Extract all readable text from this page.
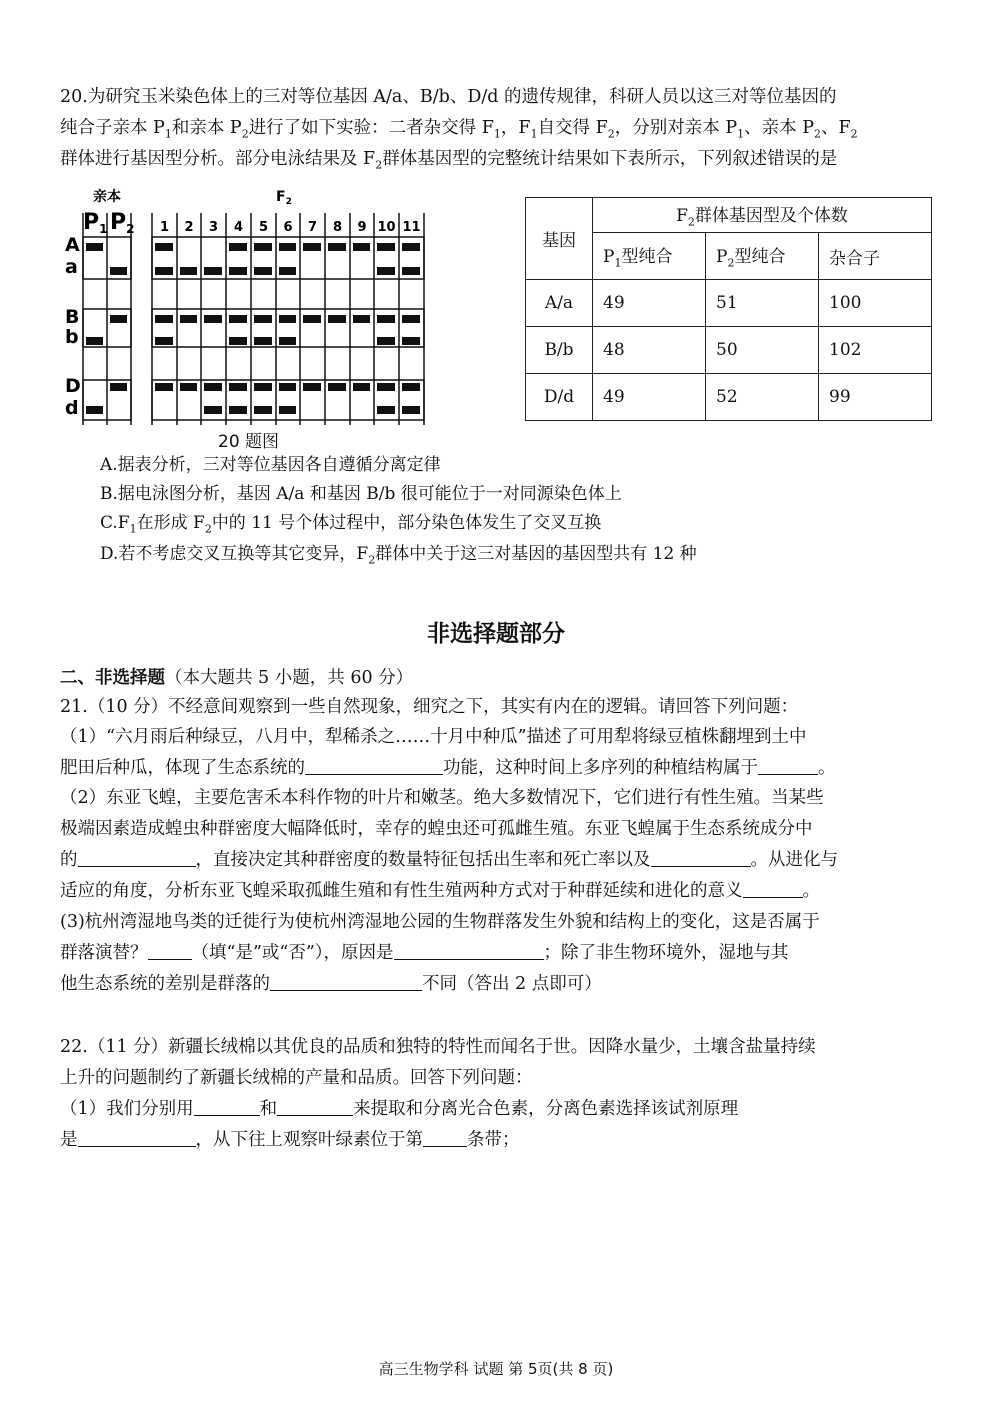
20.为研究玉米染色体上的三对等位基因 A/a、B/b、D/d 的遗传规律，科研人员以这三对等位基因的
纯合子亲本 $P_1$和亲本 $P_2$进行了如下实验：二者杂交得 $F_1$，$F_1$自交得 $F_2$，分别对亲本 $P_1$、亲本 $P_2$、$F_2$
群体进行基因型分析。部分电泳结果及 $F_2$群体基因型的完整统计结果如下表所示，下列叙述错误的是
亲本
P1 P2
$F_2$
1 2 3 4 5 6 7 8 9 10 11
A
a
B
b
D
d
20 题图
基因	$F_2$群体基因型及个体数		
	$P_1$型纯合	$P_2$型纯合	杂合子
A/a	49	51	100
B/b	48	50	102
D/d	49	52	99
A.据表分析，三对等位基因各自遵循分离定律
B.据电泳图分析，基因 A/a 和基因 B/b 很可能位于一对同源染色体上
$C.F_1$在形成 $F_2$中的 11 号个体过程中，部分染色体发生了交叉互换
D.若不考虑交叉互换等其它变异，$F_2$群体中关于这三对基因的基因型共有 12 种
非选择题部分
二、非选择题（本大题共 5 小题，共 60 分）
21.（10 分）不经意间观察到一些自然现象，细究之下，其实有内在的逻辑。请回答下列问题：
（1）“六月雨后种绿豆，八月中，犁稀杀之……十月中种瓜”描述了可用犁将绿豆植株翻埋到土中
肥田后种瓜，体现了生态系统的	功能，这种时间上多序列的种植结构属于	。
（2）东亚飞蝗，主要危害禾本科作物的叶片和嫩茎。绝大多数情况下，它们进行有性生殖。当某些
极端因素造成蝗虫种群密度大幅降低时，幸存的蝗虫还可孤雌生殖。东亚飞蝗属于生态系统成分中
的	，直接决定其种群密度的数量特征包括出生率和死亡率以及	。从进化与
适应的角度，分析东亚飞蝗采取孤雌生殖和有性生殖两种方式对于种群延续和进化的意义	。
(3)杭州湾湿地鸟类的迁徙行为使杭州湾湿地公园的生物群落发生外貌和结构上的变化，这是否属于
群落演替？	（填“是”或“否”），原因是	；除了非生物环境外，湿地与其
他生态系统的差别是群落的	不同（答出 2 点即可）
22.（11 分）新疆长绒棉以其优良的品质和独特的特性而闻名于世。因降水量少，土壤含盐量持续
上升的问题制约了新疆长绒棉的产量和品质。回答下列问题：
（1）我们分别用	和	来提取和分离光合色素，分离色素选择该试剂原理
是	，从下往上观察叶绿素位于第	条带；
高三生物学科 试题 第 5页(共 8 页)
